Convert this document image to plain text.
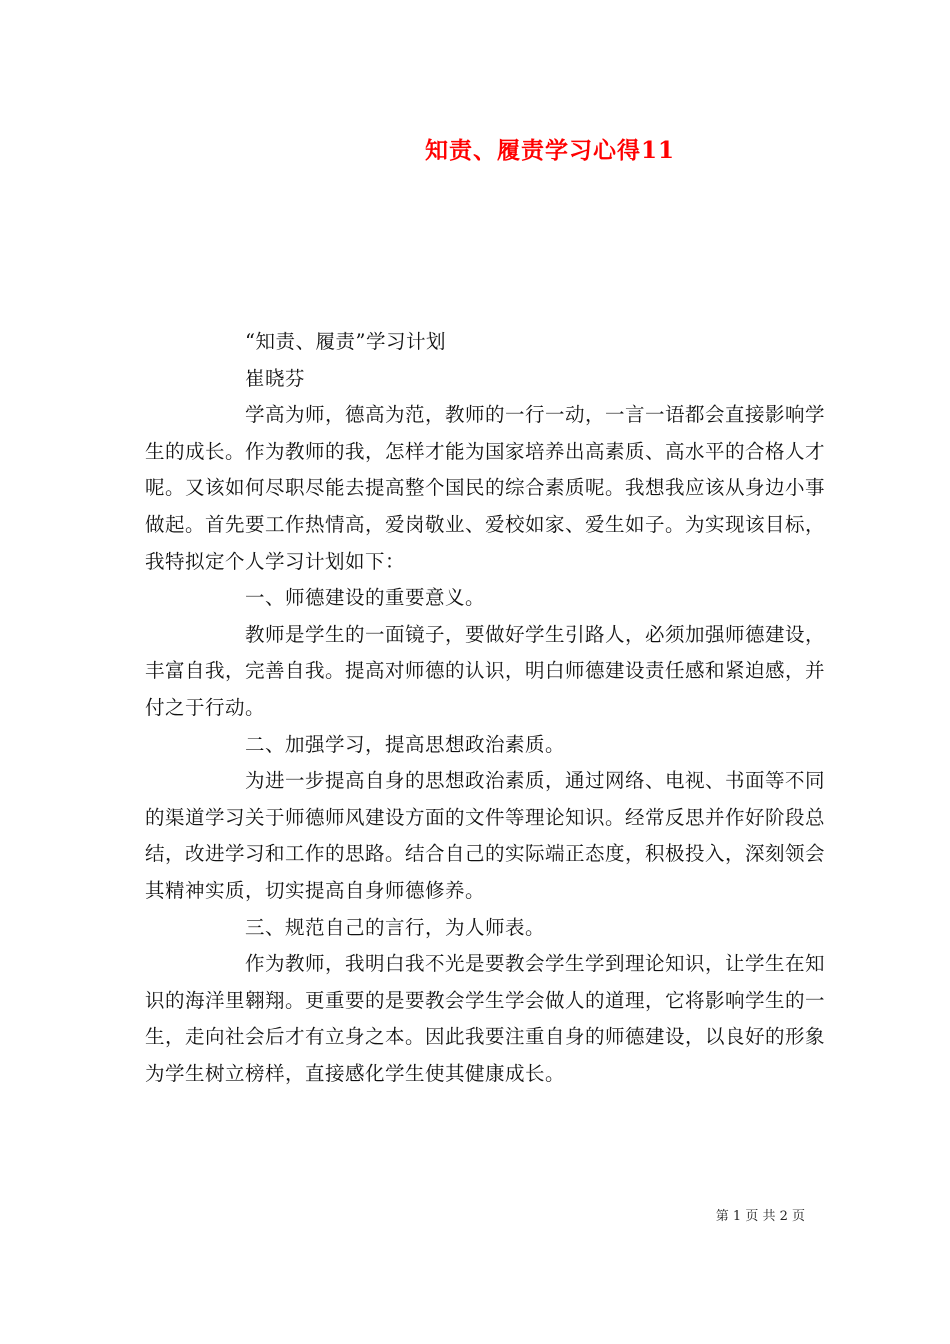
知责、履责学习心得11

“知责、履责”学习计划

崔晓芬

学高为师，德高为范，教师的一行一动，一言一语都会直接影响学生的成长。作为教师的我，怎样才能为国家培养出高素质、高水平的合格人才呢。又该如何尽职尽能去提高整个国民的综合素质呢。我想我应该从身边小事做起。首先要工作热情高，爱岗敬业、爱校如家、爱生如子。为实现该目标，我特拟定个人学习计划如下：

一、师德建设的重要意义。

教师是学生的一面镜子，要做好学生引路人，必须加强师德建设，丰富自我，完善自我。提高对师德的认识，明白师德建设责任感和紧迫感，并付之于行动。

二、加强学习，提高思想政治素质。

为进一步提高自身的思想政治素质，通过网络、电视、书面等不同的渠道学习关于师德师风建设方面的文件等理论知识。经常反思并作好阶段总结，改进学习和工作的思路。结合自己的实际端正态度，积极投入，深刻领会其精神实质，切实提高自身师德修养。

三、规范自己的言行，为人师表。

作为教师，我明白我不光是要教会学生学到理论知识，让学生在知识的海洋里翱翔。更重要的是要教会学生学会做人的道理，它将影响学生的一生，走向社会后才有立身之本。因此我要注重自身的师德建设，以良好的形象为学生树立榜样，直接感化学生使其健康成长。

第 1 页 共 2 页
